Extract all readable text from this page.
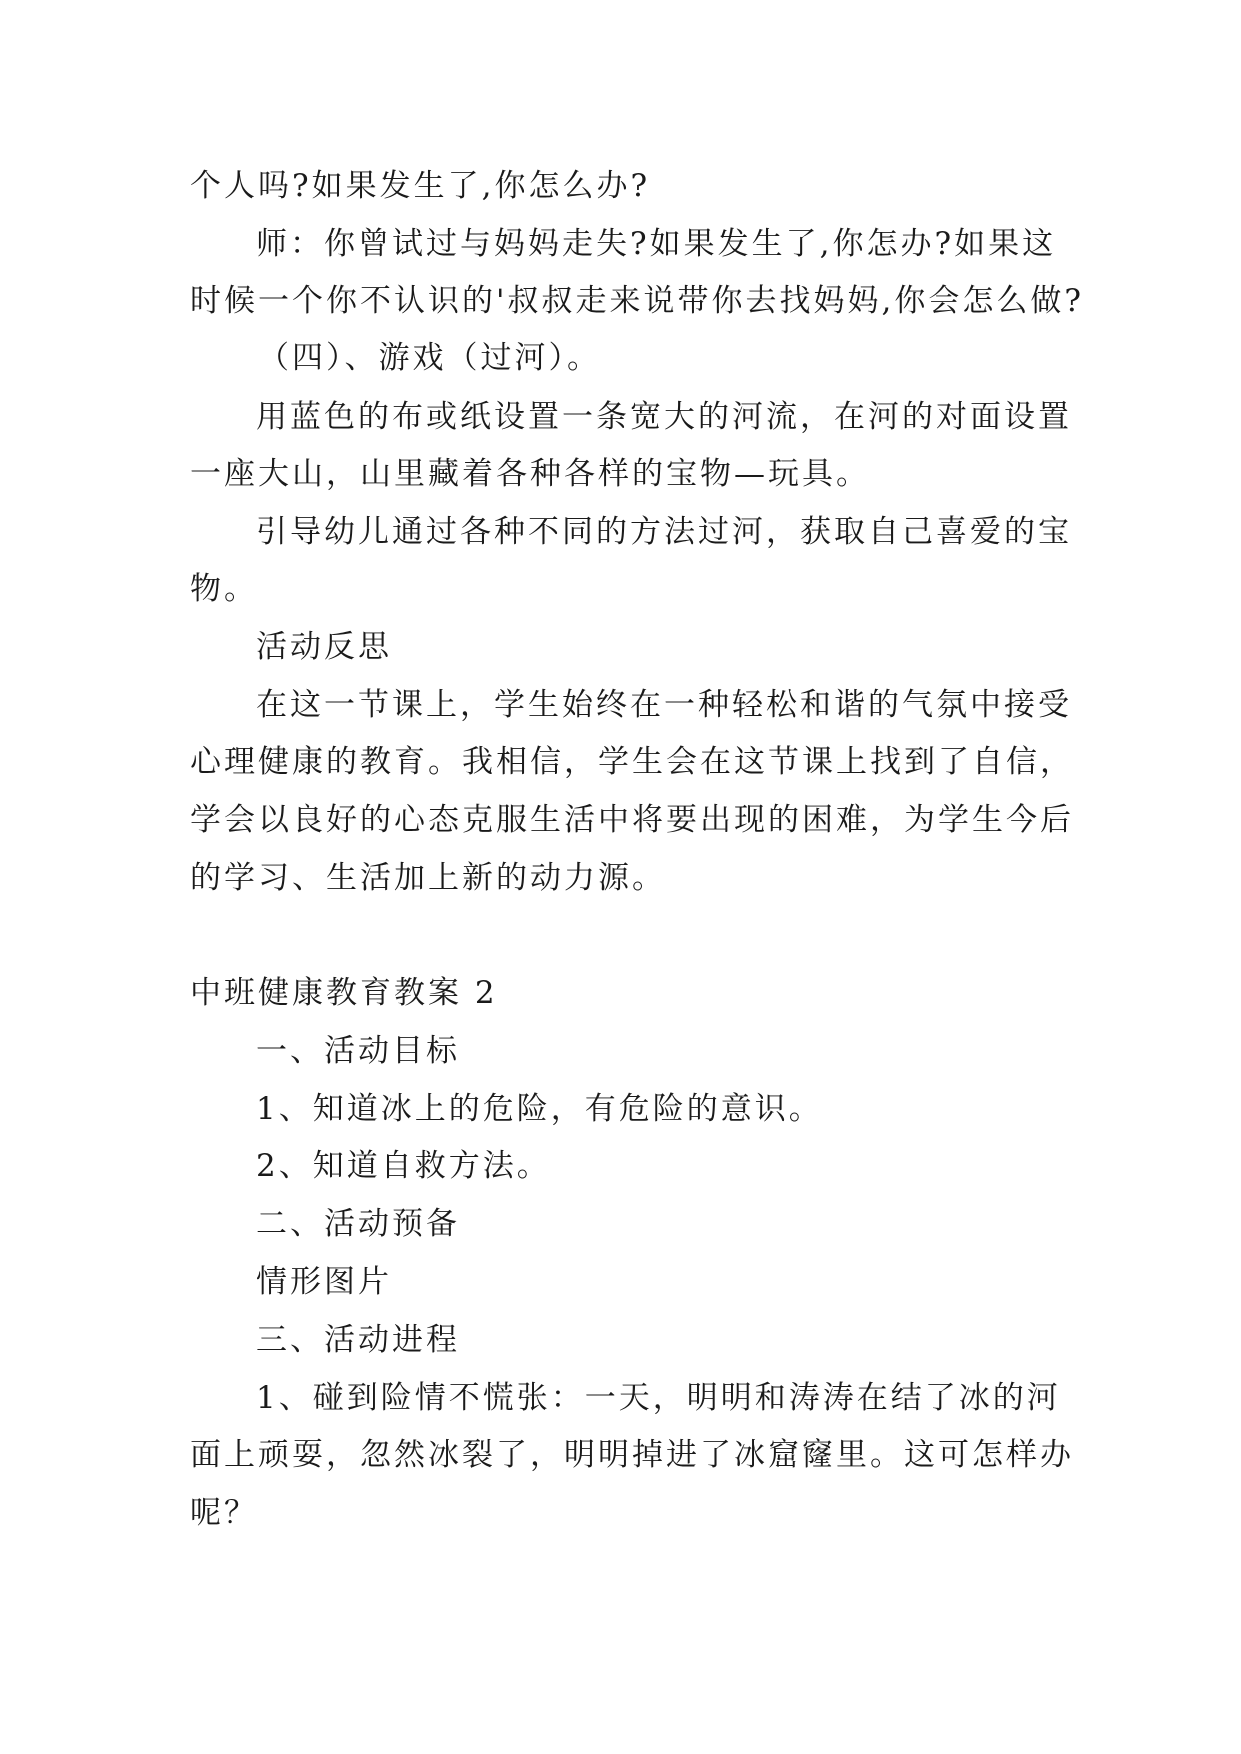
个人吗?如果发生了,你怎么办?
师：你曾试过与妈妈走失?如果发生了,你怎办?如果这
时候一个你不认识的'叔叔走来说带你去找妈妈,你会怎么做?
（四）、游戏（过河）。
用蓝色的布或纸设置一条宽大的河流，在河的对面设置
一座大山，山里藏着各种各样的宝物—玩具。
引导幼儿通过各种不同的方法过河，获取自己喜爱的宝
物。
活动反思
在这一节课上，学生始终在一种轻松和谐的气氛中接受
心理健康的教育。我相信，学生会在这节课上找到了自信，
学会以良好的心态克服生活中将要出现的困难，为学生今后
的学习、生活加上新的动力源。
中班健康教育教案 2
一、活动目标
1、知道冰上的危险，有危险的意识。
2、知道自救方法。
二、活动预备
情形图片
三、活动进程
1、碰到险情不慌张：一天，明明和涛涛在结了冰的河
面上顽耍，忽然冰裂了，明明掉进了冰窟窿里。这可怎样办
呢？
